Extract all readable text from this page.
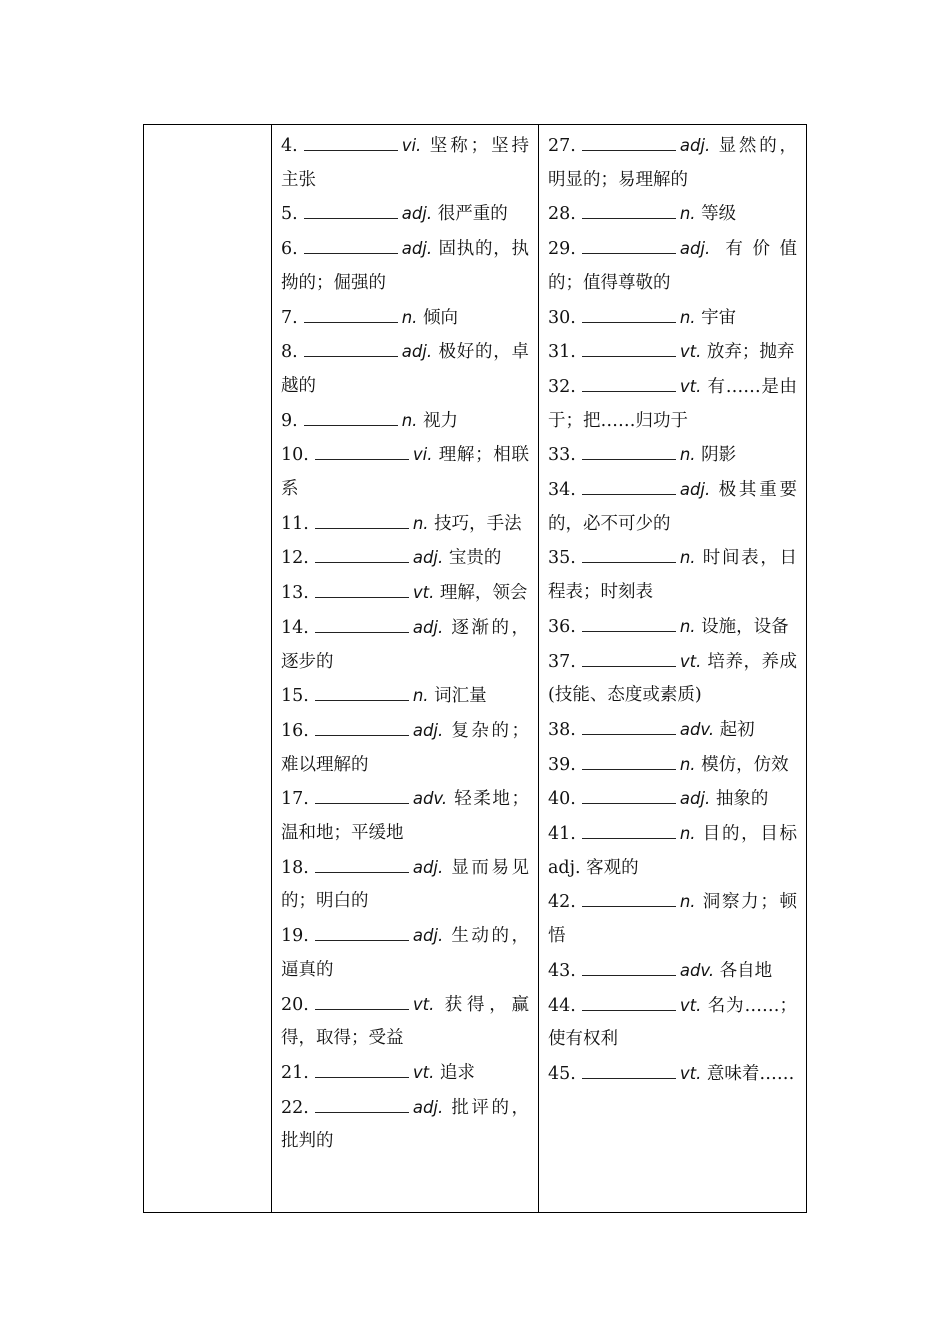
4.	vi. 坚称；坚持主张
5.	adj. 很严重的
6.	adj. 固执的，执拗的；倔强的
7.	n. 倾向
8.	adj. 极好的，卓越的
9.	n. 视力
10.	vi. 理解；相联系
11.	n. 技巧，手法
12.	adj. 宝贵的
13.	vt. 理解，领会
14.	adj. 逐渐的，逐步的
15.	n. 词汇量
16.	adj. 复杂的；难以理解的
17.	adv. 轻柔地；温和地；平缓地
18.	adj. 显而易见的；明白的
19.	adj. 生动的，逼真的
20.	vt. 获得，赢得，取得；受益
21.	vt. 追求
22.	adj. 批评的，批判的

27.	adj. 显然的，明显的；易理解的
28.	n. 等级
29.	adj. 有价值的；值得尊敬的
30.	n. 宇宙
31.	vt. 放弃；抛弃
32.	vt. 有……是由于；把……归功于
33.	n. 阴影
34.	adj. 极其重要的，必不可少的
35.	n. 时间表，日程表；时刻表
36.	n. 设施，设备
37.	vt. 培养，养成(技能、态度或素质)
38.	adv. 起初
39.	n. 模仿，仿效
40.	adj. 抽象的
41.	n. 目的，目标 adj. 客观的
42.	n. 洞察力；顿悟
43.	adv. 各自地
44.	vt. 名为……；使有权利
45.	vt. 意味着……
